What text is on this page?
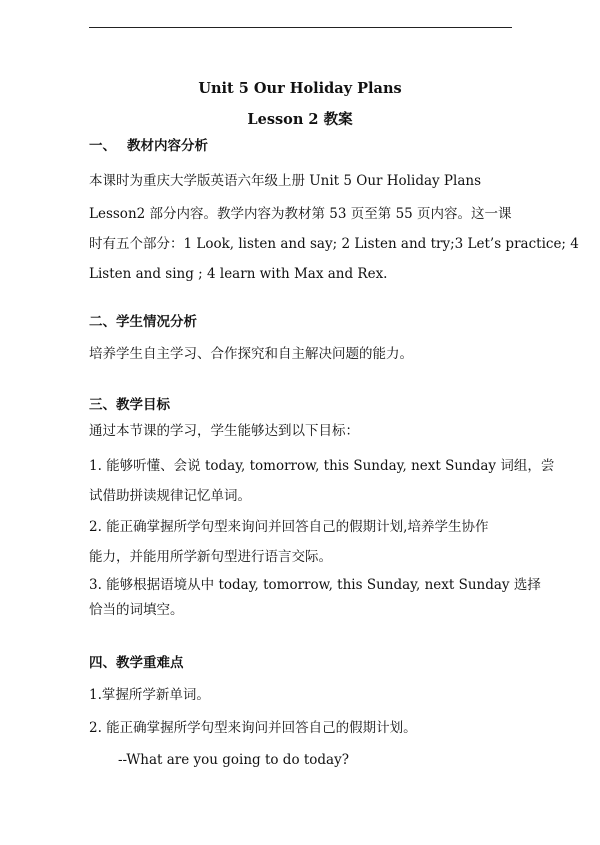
Unit 5 Our Holiday Plans
Lesson 2 教案
一、 教材内容分析
本课时为重庆大学版英语六年级上册 Unit 5 Our Holiday Plans
Lesson2 部分内容。教学内容为教材第 53 页至第 55 页内容。这一课
时有五个部分：1 Look, listen and say; 2 Listen and try;3 Let’s practice; 4
Listen and sing ; 4 learn with Max and Rex.
二、学生情况分析
培养学生自主学习、合作探究和自主解决问题的能力。
三、教学目标
通过本节课的学习，学生能够达到以下目标：
1. 能够听懂、会说 today, tomorrow, this Sunday, next Sunday 词组，尝
试借助拼读规律记忆单词。
2. 能正确掌握所学句型来询问并回答自己的假期计划,培养学生协作
能力，并能用所学新句型进行语言交际。
3. 能够根据语境从中 today, tomorrow, this Sunday, next Sunday 选择
恰当的词填空。
四、教学重难点
1.掌握所学新单词。
2. 能正确掌握所学句型来询问并回答自己的假期计划。
--What are you going to do today?
